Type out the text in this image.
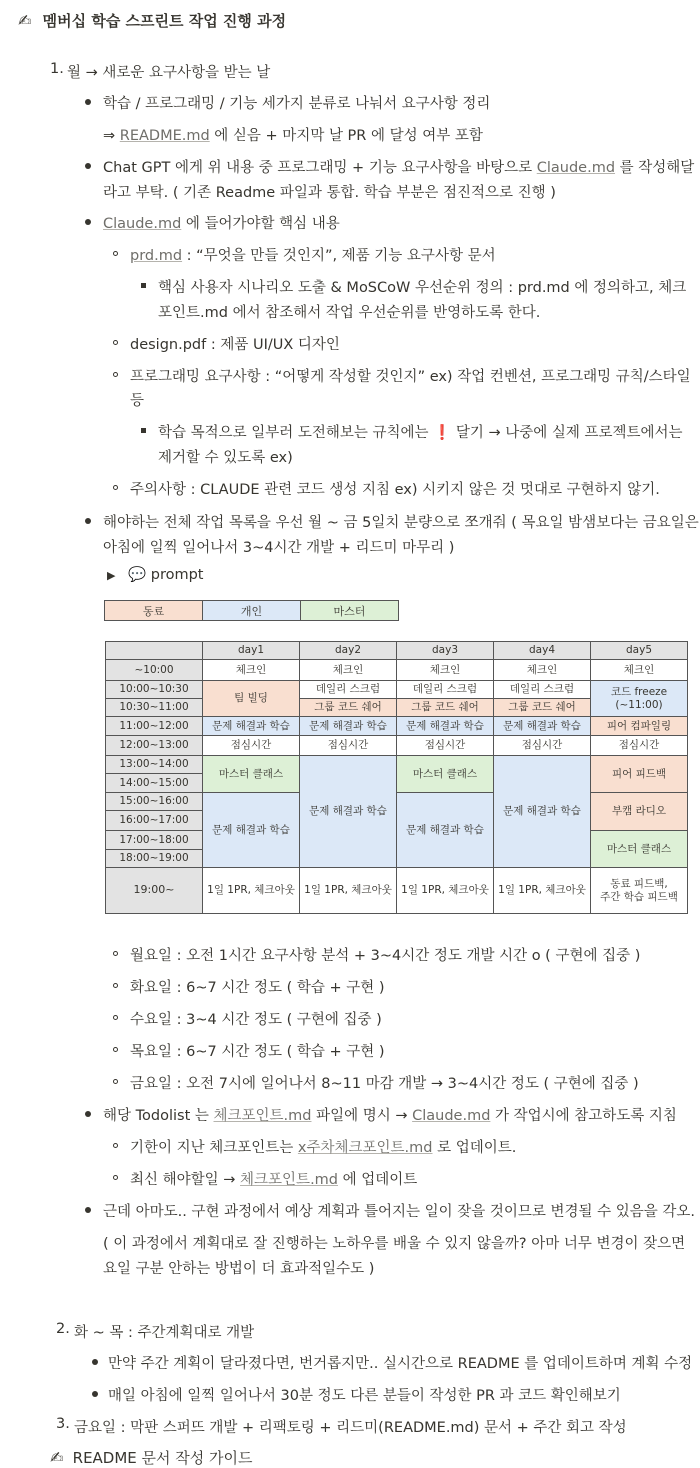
✍ 멤버십 학습 스프린트 작업 진행 과정
1. 월 → 새로운 요구사항을 받는 날
학습 / 프로그래밍 / 기능 세가지 분류로 나눠서 요구사항 정리
⇒ README.md 에 싣음 + 마지막 날 PR 에 달성 여부 포함
Chat GPT 에게 위 내용 중 프로그래밍 + 기능 요구사항을 바탕으로 Claude.md 를 작성해달
라고 부탁. ( 기존 Readme 파일과 통합. 학습 부분은 점진적으로 진행 )
Claude.md 에 들어가야할 핵심 내용
prd.md : “무엇을 만들 것인지”, 제품 기능 요구사항 문서
핵심 사용자 시나리오 도출 & MoSCoW 우선순위 정의 : prd.md 에 정의하고, 체크
포인트.md 에서 참조해서 작업 우선순위를 반영하도록 한다.
design.pdf : 제품 UI/UX 디자인
프로그래밍 요구사항 : “어떻게 작성할 것인지” ex) 작업 컨벤션, 프로그래밍 규칙/스타일
등
학습 목적으로 일부러 도전해보는 규칙에는 ❗ 달기 → 나중에 실제 프로젝트에서는
제거할 수 있도록 ex)
주의사항 : CLAUDE 관련 코드 생성 지침 ex) 시키지 않은 것 멋대로 구현하지 않기.
해야하는 전체 작업 목록을 우선 월 ~ 금 5일치 분량으로 쪼개줘 ( 목요일 밤샘보다는 금요일은
아침에 일찍 일어나서 3~4시간 개발 + 리드미 마무리 )
▶ 💬 prompt
동료	개인	마스터
	day1	day2	day3	day4	day5
~10:00	체크인	체크인	체크인	체크인	체크인
10:00~10:30	팀 빌딩	데일리 스크럼	데일리 스크럼	데일리 스크럼	코드 freeze
(~11:00)
10:30~11:00		그룹 코드 쉐어	그룹 코드 쉐어	그룹 코드 쉐어	
11:00~12:00	문제 해결과 학습	문제 해결과 학습	문제 해결과 학습	문제 해결과 학습	피어 컴파일링
12:00~13:00	점심시간	점심시간	점심시간	점심시간	점심시간
13:00~14:00	마스터 클래스	문제 해결과 학습	마스터 클래스	문제 해결과 학습	피어 피드백
14:00~15:00					
15:00~16:00	문제 해결과 학습		문제 해결과 학습		부캠 라디오
16:00~17:00					
17:00~18:00					마스터 클래스
18:00~19:00					
19:00~	1일 1PR, 체크아웃	1일 1PR, 체크아웃	1일 1PR, 체크아웃	1일 1PR, 체크아웃	동료 피드백,
주간 학습 피드백
월요일 : 오전 1시간 요구사항 분석 + 3~4시간 정도 개발 시간 o ( 구현에 집중 )
화요일 : 6~7 시간 정도 ( 학습 + 구현 )
수요일 : 3~4 시간 정도 ( 구현에 집중 )
목요일 : 6~7 시간 정도 ( 학습 + 구현 )
금요일 : 오전 7시에 일어나서 8~11 마감 개발 → 3~4시간 정도 ( 구현에 집중 )
해당 Todolist 는 체크포인트.md 파일에 명시 → Claude.md 가 작업시에 참고하도록 지침
기한이 지난 체크포인트는 x주차체크포인트.md 로 업데이트.
최신 해야할일 → 체크포인트.md 에 업데이트
근데 아마도.. 구현 과정에서 예상 계획과 틀어지는 일이 잦을 것이므로 변경될 수 있음을 각오.
( 이 과정에서 계획대로 잘 진행하는 노하우를 배울 수 있지 않을까? 아마 너무 변경이 잦으면
요일 구분 안하는 방법이 더 효과적일수도 )
2. 화 ~ 목 : 주간계획대로 개발
만약 주간 계획이 달라졌다면, 번거롭지만.. 실시간으로 README 를 업데이트하며 계획 수정
매일 아침에 일찍 일어나서 30분 정도 다른 분들이 작성한 PR 과 코드 확인해보기
3. 금요일 : 막판 스퍼뜨 개발 + 리팩토링 + 리드미(README.md) 문서 + 주간 회고 작성
✍ README 문서 작성 가이드
